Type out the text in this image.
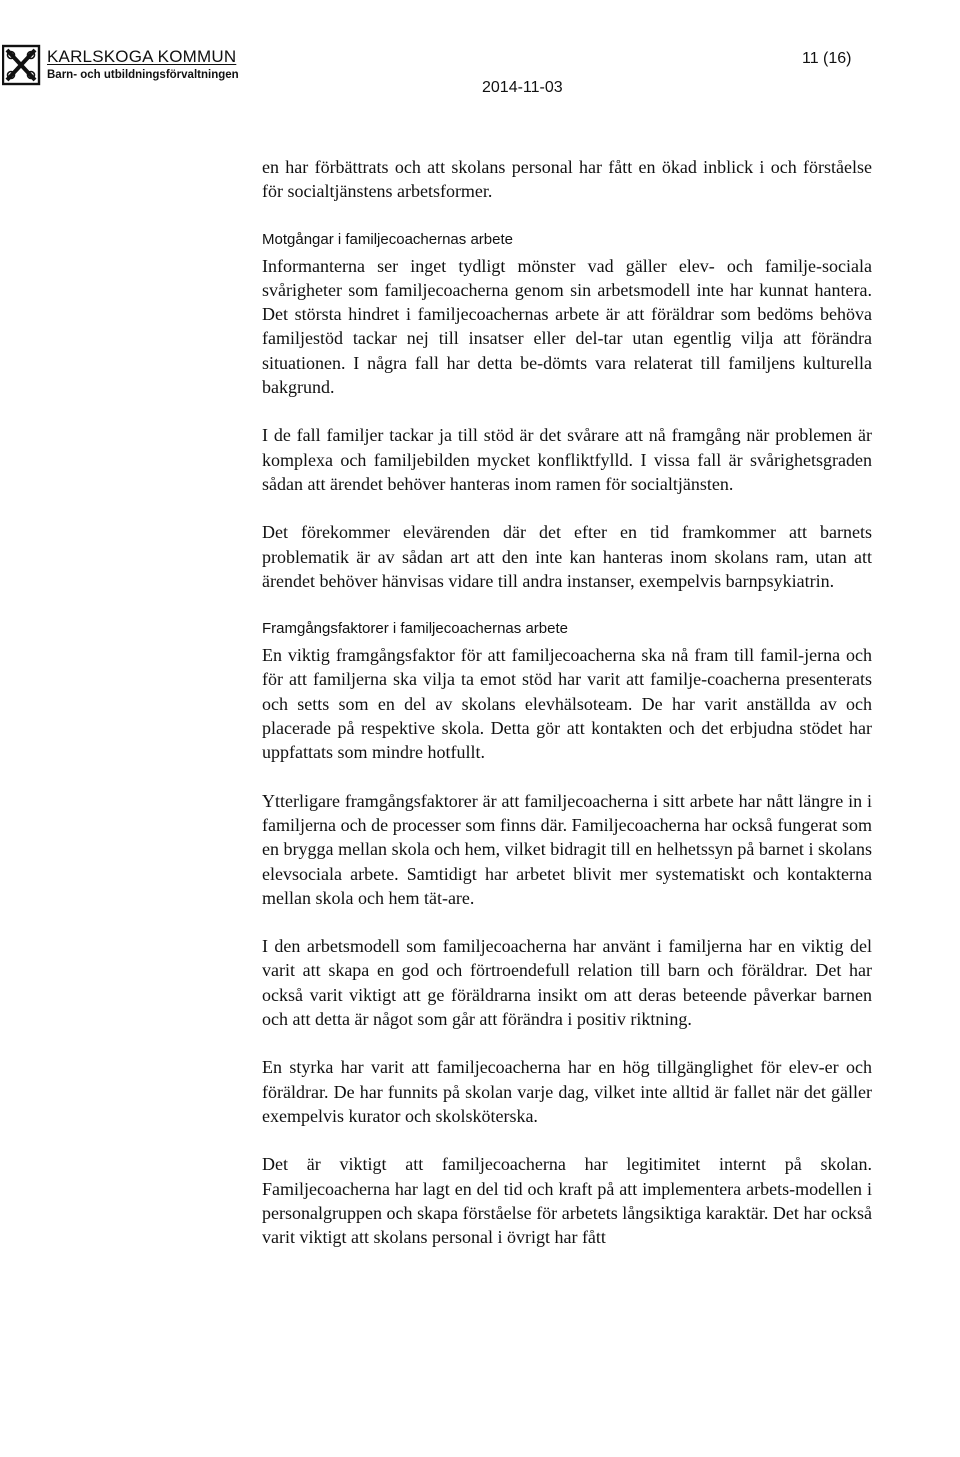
KARLSKOGA KOMMUN
Barn- och utbildningsförvaltningen
11 (16)
2014-11-03

en har förbättrats och att skolans personal har fått en ökad inblick i och förståelse för socialtjänstens arbetsformer.

Motgångar i familjecoachernas arbete

Informanterna ser inget tydligt mönster vad gäller elev- och familje-sociala svårigheter som familjecoacherna genom sin arbetsmodell inte har kunnat hantera. Det största hindret i familjecoachernas arbete är att föräldrar som bedöms behöva familjestöd tackar nej till insatser eller del-tar utan egentlig vilja att förändra situationen. I några fall har detta be-dömts vara relaterat till familjens kulturella bakgrund.

I de fall familjer tackar ja till stöd är det svårare att nå framgång när problemen är komplexa och familjebilden mycket konfliktfylld. I vissa fall är svårighetsgraden sådan att ärendet behöver hanteras inom ramen för socialtjänsten.

Det förekommer elevärenden där det efter en tid framkommer att barnets problematik är av sådan art att den inte kan hanteras inom skolans ram, utan att ärendet behöver hänvisas vidare till andra instanser, exempelvis barnpsykiatrin.

Framgångsfaktorer i familjecoachernas arbete

En viktig framgångsfaktor för att familjecoacherna ska nå fram till famil-jerna och för att familjerna ska vilja ta emot stöd har varit att familje-coacherna presenterats och setts som en del av skolans elevhälsoteam. De har varit anställda av och placerade på respektive skola. Detta gör att kontakten och det erbjudna stödet har uppfattats som mindre hotfullt.

Ytterligare framgångsfaktorer är att familjecoacherna i sitt arbete har nått längre in i familjerna och de processer som finns där. Familjecoacherna har också fungerat som en brygga mellan skola och hem, vilket bidragit till en helhetssyn på barnet i skolans elevsociala arbete. Samtidigt har arbetet blivit mer systematiskt och kontakterna mellan skola och hem tät-are.

I den arbetsmodell som familjecoacherna har använt i familjerna har en viktig del varit att skapa en god och förtroendefull relation till barn och föräldrar. Det har också varit viktigt att ge föräldrarna insikt om att deras beteende påverkar barnen och att detta är något som går att förändra i positiv riktning.

En styrka har varit att familjecoacherna har en hög tillgänglighet för elev-er och föräldrar. De har funnits på skolan varje dag, vilket inte alltid är fallet när det gäller exempelvis kurator och skolsköterska.

Det är viktigt att familjecoacherna har legitimitet internt på skolan. Familjecoacherna har lagt en del tid och kraft på att implementera arbets-modellen i personalgruppen och skapa förståelse för arbetets långsiktiga karaktär. Det har också varit viktigt att skolans personal i övrigt har fått
